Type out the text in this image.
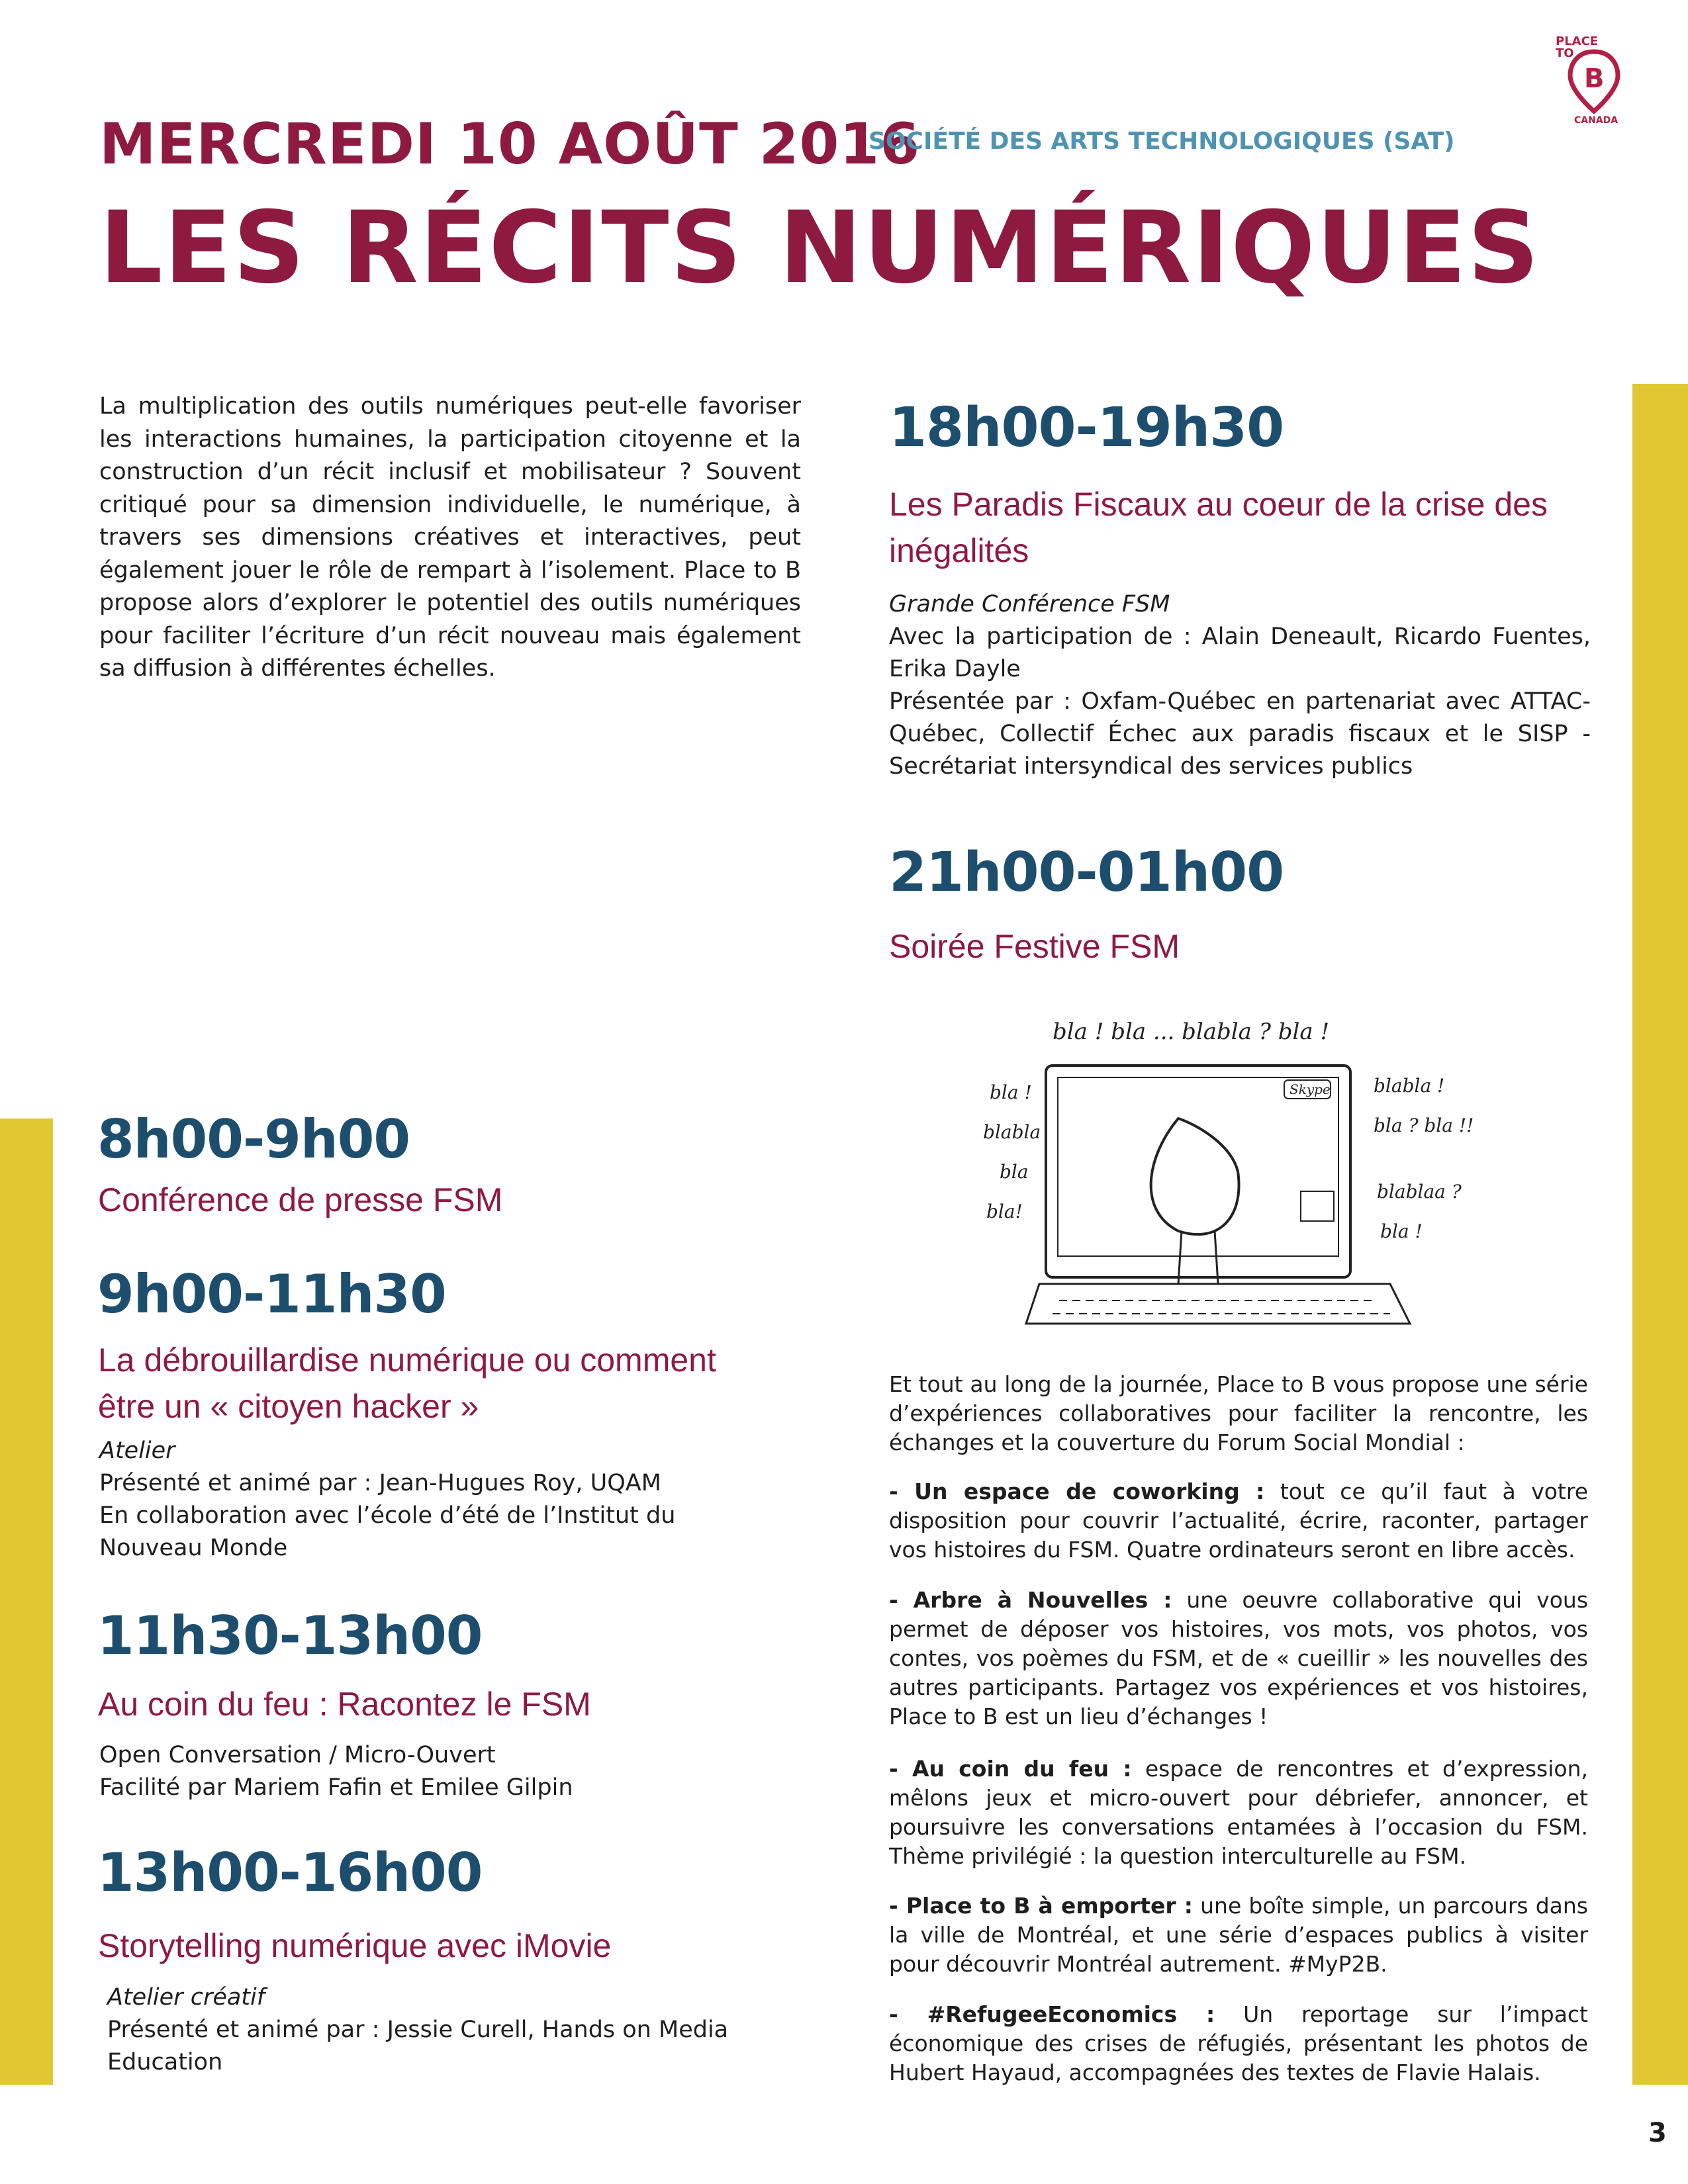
PLACE
TO
B
CANADA
MERCREDI 10 AOÛT 2016
SOCIÉTÉ DES ARTS TECHNOLOGIQUES (SAT)
LES RÉCITS NUMÉRIQUES
La multiplication des outils numériques peut-elle favoriser les interactions humaines, la participation citoyenne et la construction d’un récit inclusif et mobilisateur ? Souvent critiqué pour sa dimension individuelle, le numérique, à travers ses dimensions créatives et interactives, peut également jouer le rôle de rempart à l’isolement. Place to B propose alors d’explorer le potentiel des outils numériques pour faciliter l’écriture d’un récit nouveau mais également sa diffusion à différentes échelles.
18h00-19h30
Les Paradis Fiscaux au coeur de la crise des inégalités
Grande Conférence FSM
Avec la participation de : Alain Deneault, Ricardo Fuentes, Erika Dayle
Présentée par : Oxfam-Québec en partenariat avec ATTAC-Québec, Collectif Échec aux paradis fiscaux et le SISP - Secrétariat intersyndical des services publics
21h00-01h00
Soirée Festive FSM
Skype
bla ! bla ... blabla ? bla !
bla !
blabla
bla
bla!
blabla !
bla ? bla !!
blablaa ?
bla !
8h00-9h00
Conférence de presse FSM
9h00-11h30
La débrouillardise numérique ou comment être un « citoyen hacker »
Atelier
Présenté et animé par : Jean-Hugues Roy, UQAM
En collaboration avec l’école d’été de l’Institut du Nouveau Monde
11h30-13h00
Au coin du feu : Racontez le FSM
Open Conversation / Micro-Ouvert
Facilité par Mariem Fafin et Emilee Gilpin
13h00-16h00
Storytelling numérique avec iMovie
Atelier créatif
Présenté et animé par : Jessie Curell, Hands on Media Education
Et tout au long de la journée, Place to B vous propose une série d’expériences collaboratives pour faciliter la rencontre, les échanges et la couverture du Forum Social Mondial :
- Un espace de coworking : tout ce qu’il faut à votre disposition pour couvrir l’actualité, écrire, raconter, partager vos histoires du FSM. Quatre ordinateurs seront en libre accès.
- Arbre à Nouvelles : une oeuvre collaborative qui vous permet de déposer vos histoires, vos mots, vos photos, vos contes, vos poèmes du FSM, et de « cueillir » les nouvelles des autres participants. Partagez vos expériences et vos histoires, Place to B est un lieu d’échanges !
- Au coin du feu : espace de rencontres et d’expression, mêlons jeux et micro-ouvert pour débriefer, annoncer, et poursuivre les conversations entamées à l’occasion du FSM. Thème privilégié : la question interculturelle au FSM.
- Place to B à emporter : une boîte simple, un parcours dans la ville de Montréal, et une série d’espaces publics à visiter pour découvrir Montréal autrement. #MyP2B.
- #RefugeeEconomics : Un reportage sur l’impact économique des crises de réfugiés, présentant les photos de Hubert Hayaud, accompagnées des textes de Flavie Halais.
3
